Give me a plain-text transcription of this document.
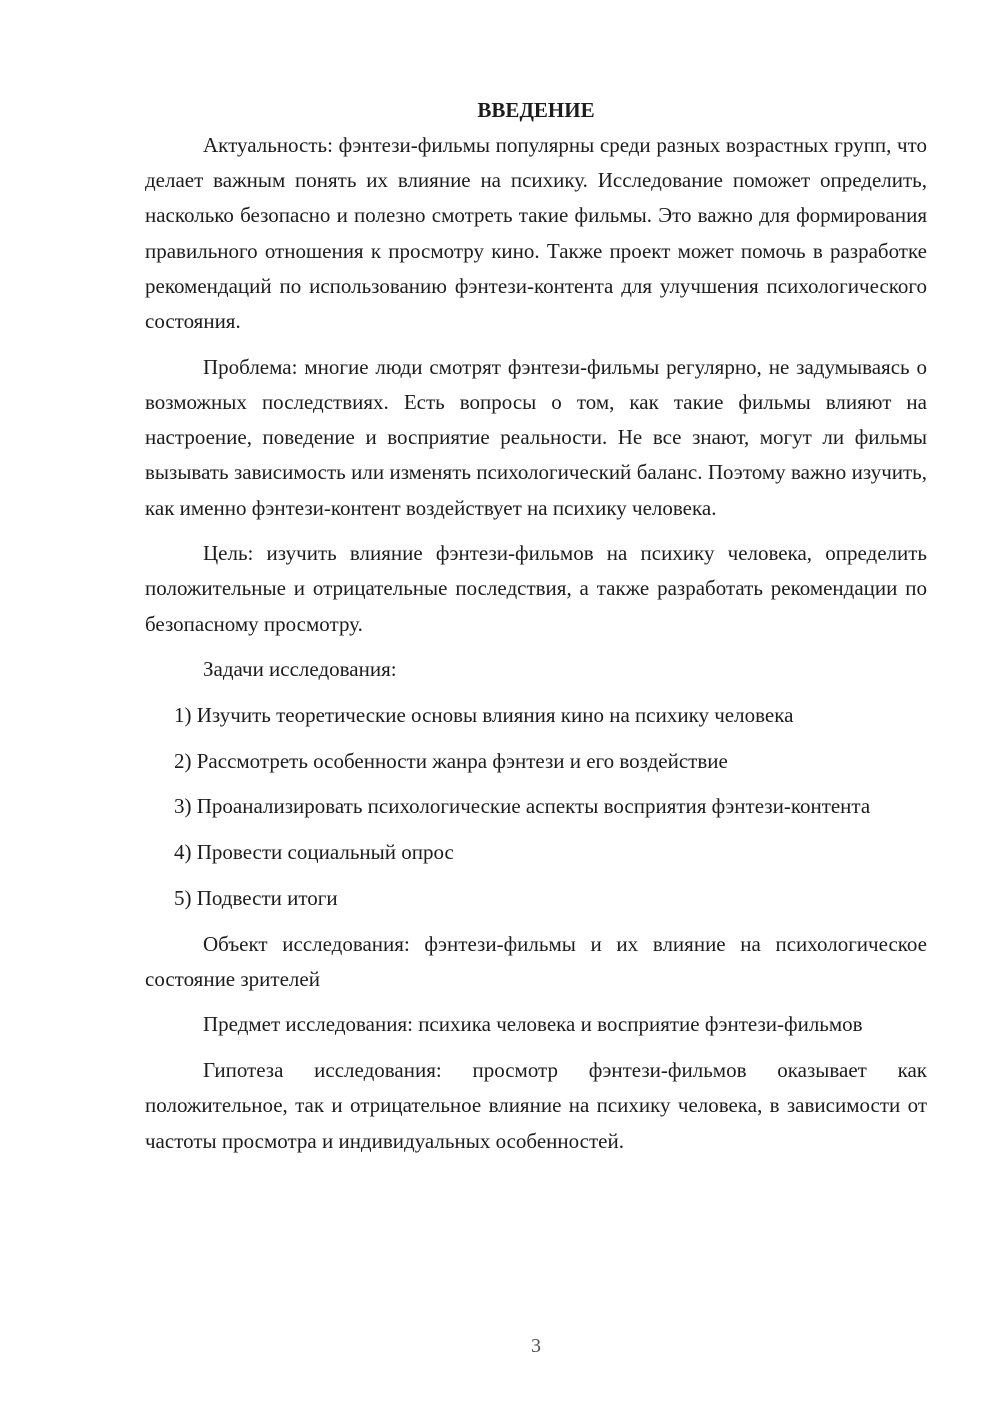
ВВЕДЕНИЕ

Актуальность: фэнтези-фильмы популярны среди разных возрастных групп, что делает важным понять их влияние на психику. Исследование поможет определить, насколько безопасно и полезно смотреть такие фильмы. Это важно для формирования правильного отношения к просмотру кино. Также проект может помочь в разработке рекомендаций по использованию фэнтези-контента для улучшения психологического состояния.

Проблема: многие люди смотрят фэнтези-фильмы регулярно, не задумываясь о возможных последствиях. Есть вопросы о том, как такие фильмы влияют на настроение, поведение и восприятие реальности. Не все знают, могут ли фильмы вызывать зависимость или изменять психологический баланс. Поэтому важно изучить, как именно фэнтези-контент воздействует на психику человека.

Цель: изучить влияние фэнтези-фильмов на психику человека, определить положительные и отрицательные последствия, а также разработать рекомендации по безопасному просмотру.

Задачи исследования:

1) Изучить теоретические основы влияния кино на психику человека

2) Рассмотреть особенности жанра фэнтези и его воздействие

3) Проанализировать психологические аспекты восприятия фэнтези-контента

4) Провести социальный опрос

5) Подвести итоги

Объект исследования: фэнтези-фильмы и их влияние на психологическое состояние зрителей

Предмет исследования: психика человека и восприятие фэнтези-фильмов

Гипотеза исследования: просмотр фэнтези-фильмов оказывает как положительное, так и отрицательное влияние на психику человека, в зависимости от частоты просмотра и индивидуальных особенностей.

3
